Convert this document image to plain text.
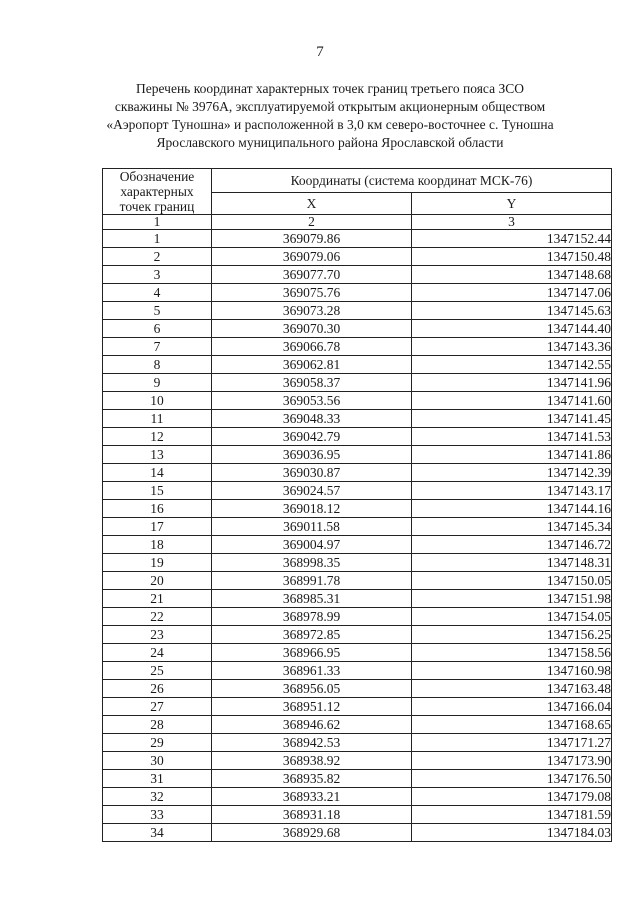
7
Перечень координат характерных точек границ третьего пояса ЗСО
скважины № 3976А, эксплуатируемой открытым акционерным обществом
«Аэропорт Туношна» и расположенной в 3,0 км северо-восточнее с. Туношна
Ярославского муниципального района Ярославской области
Обозначение характерных точек границ	Координаты (система координат МСК-76)	
	X	Y
1	2	3
1	369079.86	1347152.44
2	369079.06	1347150.48
3	369077.70	1347148.68
4	369075.76	1347147.06
5	369073.28	1347145.63
6	369070.30	1347144.40
7	369066.78	1347143.36
8	369062.81	1347142.55
9	369058.37	1347141.96
10	369053.56	1347141.60
11	369048.33	1347141.45
12	369042.79	1347141.53
13	369036.95	1347141.86
14	369030.87	1347142.39
15	369024.57	1347143.17
16	369018.12	1347144.16
17	369011.58	1347145.34
18	369004.97	1347146.72
19	368998.35	1347148.31
20	368991.78	1347150.05
21	368985.31	1347151.98
22	368978.99	1347154.05
23	368972.85	1347156.25
24	368966.95	1347158.56
25	368961.33	1347160.98
26	368956.05	1347163.48
27	368951.12	1347166.04
28	368946.62	1347168.65
29	368942.53	1347171.27
30	368938.92	1347173.90
31	368935.82	1347176.50
32	368933.21	1347179.08
33	368931.18	1347181.59
34	368929.68	1347184.03
